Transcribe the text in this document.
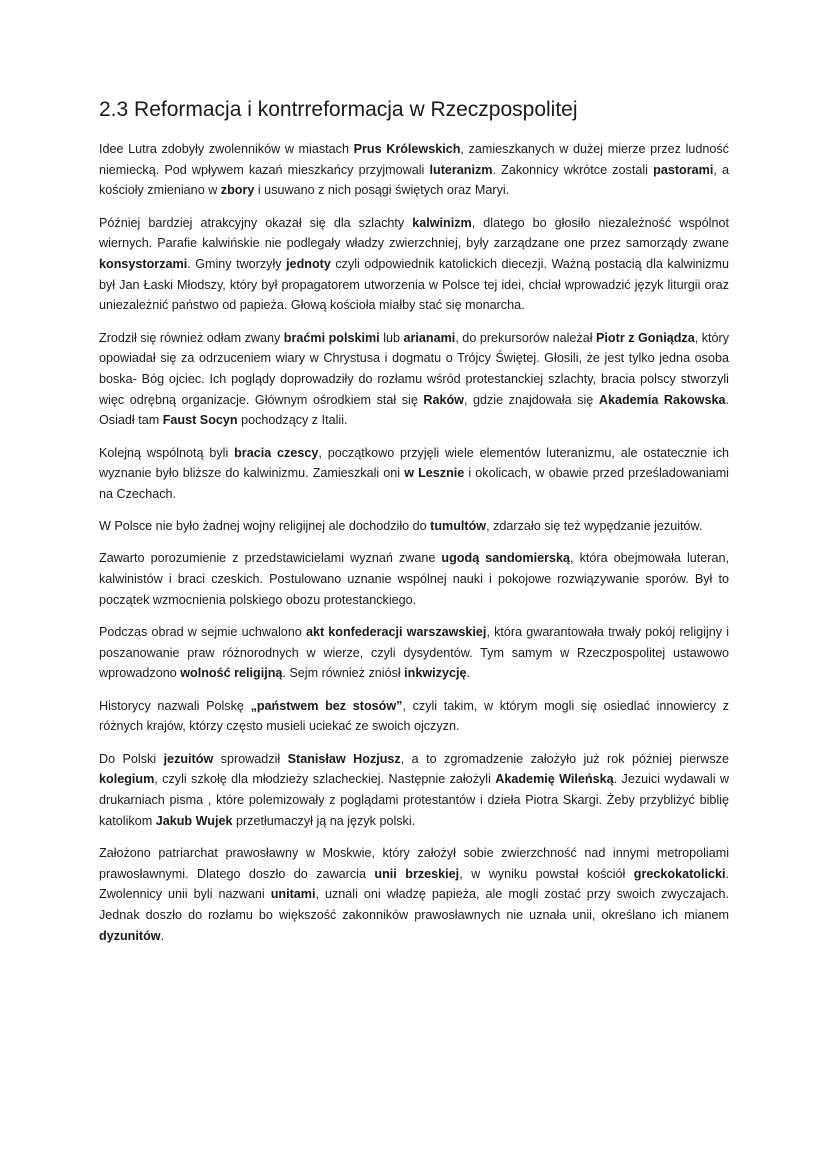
2.3 Reformacja i kontrreformacja w Rzeczpospolitej

Idee Lutra zdobyły zwolenników w miastach Prus Królewskich, zamieszkanych w dużej mierze przez ludność niemiecką. Pod wpływem kazań mieszkańcy przyjmowali luteranizm. Zakonnicy wkrótce zostali pastorami, a kościoły zmieniano w zbory i usuwano z nich posągi świętych oraz Maryi.

Później bardziej atrakcyjny okazał się dla szlachty kalwinizm, dlatego bo głosiło niezależność wspólnot wiernych. Parafie kalwińskie nie podlegały władzy zwierzchniej, były zarządzane one przez samorządy zwane konsystorzami. Gminy tworzyły jednoty czyli odpowiednik katolickich diecezji. Ważną postacią dla kalwinizmu był Jan Łaski Młodszy, który był propagatorem utworzenia w Polsce tej idei, chciał wprowadzić język liturgii oraz uniezależnić państwo od papieża. Głową kościoła miałby stać się monarcha.

Zrodził się również odłam zwany braćmi polskimi lub arianami, do prekursorów należał Piotr z Goniądza, który opowiadał się za odrzuceniem wiary w Chrystusa i dogmatu o Trójcy Świętej. Głosili, że jest tylko jedna osoba boska- Bóg ojciec. Ich poglądy doprowadziły do rozłamu wśród protestanckiej szlachty, bracia polscy stworzyli więc odrębną organizacje. Głównym ośrodkiem stał się Raków, gdzie znajdowała się Akademia Rakowska. Osiadł tam Faust Socyn pochodzący z Italii.

Kolejną wspólnotą byli bracia czescy, początkowo przyjęli wiele elementów luteranizmu, ale ostatecznie ich wyznanie było bliższe do kalwinizmu. Zamieszkali oni w Lesznie i okolicach, w obawie przed prześladowaniami na Czechach.

W Polsce nie było żadnej wojny religijnej ale dochodziło do tumultów, zdarzało się też wypędzanie jezuitów.

Zawarto porozumienie z przedstawicielami wyznań zwane ugodą sandomierską, która obejmowała luteran, kalwinistów i braci czeskich. Postulowano uznanie wspólnej nauki i pokojowe rozwiązywanie sporów. Był to początek wzmocnienia polskiego obozu protestanckiego.

Podczas obrad w sejmie uchwalono akt konfederacji warszawskiej, która gwarantowała trwały pokój religijny i poszanowanie praw różnorodnych w wierze, czyli dysydentów. Tym samym w Rzeczpospolitej ustawowo wprowadzono wolność religijną. Sejm również zniósł inkwizycję.

Historycy nazwali Polskę „państwem bez stosów”, czyli takim, w którym mogli się osiedlać innowiercy z różnych krajów, którzy często musieli uciekać ze swoich ojczyzn.

Do Polski jezuitów sprowadził Stanisław Hozjusz, a to zgromadzenie założyło już rok później pierwsze kolegium, czyli szkołę dla młodzieży szlacheckiej. Następnie założyli Akademię Wileńską. Jezuici wydawali w drukarniach pisma , które polemizowały z poglądami protestantów i dzieła Piotra Skargi. Żeby przybliżyć biblię katolikom Jakub Wujek przetłumaczył ją na język polski.

Założono patriarchat prawosławny w Moskwie, który założył sobie zwierzchność nad innymi metropoliami prawosławnymi. Dlatego doszło do zawarcia unii brzeskiej, w wyniku powstał kościół greckokatolicki. Zwolennicy unii byli nazwani unitami, uznali oni władzę papieża, ale mogli zostać przy swoich zwyczajach. Jednak doszło do rozłamu bo większość zakonników prawosławnych nie uznała unii, określano ich mianem dyzunitów.
